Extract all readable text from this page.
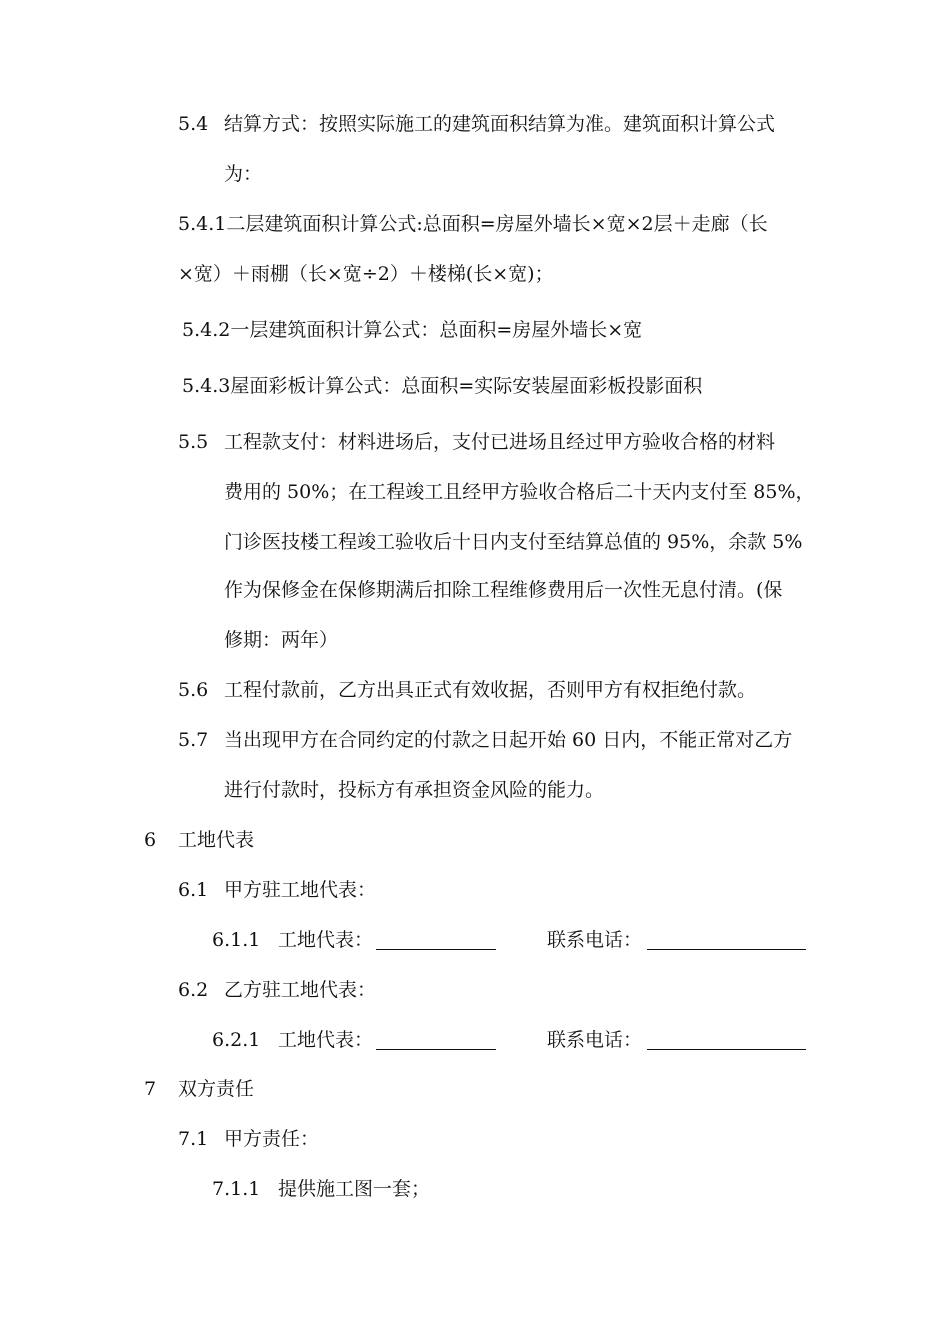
5.4 结算方式：按照实际施工的建筑面积结算为准。建筑面积计算公式
为：
5.4.1二层建筑面积计算公式:总面积=房屋外墙长×宽×2层＋走廊（长
×宽）＋雨棚（长×宽÷2）＋楼梯(长×宽)；
5.4.2一层建筑面积计算公式：总面积=房屋外墙长×宽
5.4.3屋面彩板计算公式：总面积=实际安装屋面彩板投影面积
5.5 工程款支付：材料进场后，支付已进场且经过甲方验收合格的材料
费用的 50%；在工程竣工且经甲方验收合格后二十天内支付至 85%，
门诊医技楼工程竣工验收后十日内支付至结算总值的 95%，余款 5%
作为保修金在保修期满后扣除工程维修费用后一次性无息付清。(保
修期：两年）
5.6 工程付款前，乙方出具正式有效收据，否则甲方有权拒绝付款。
5.7 当出现甲方在合同约定的付款之日起开始 60 日内，不能正常对乙方
进行付款时，投标方有承担资金风险的能力。
6 工地代表
6.1 甲方驻工地代表：
6.1.1 工地代表：	联系电话：
6.2 乙方驻工地代表：
6.2.1 工地代表：	联系电话：
7 双方责任
7.1 甲方责任：
7.1.1 提供施工图一套；
